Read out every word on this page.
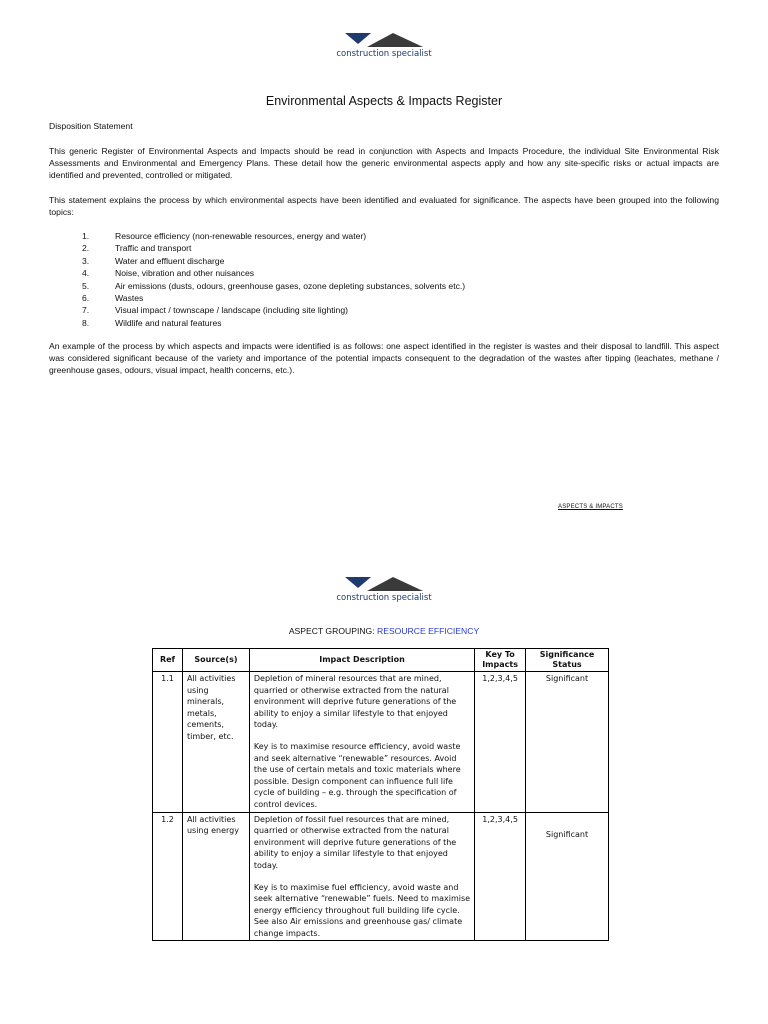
construction specialist
Environmental Aspects & Impacts Register
Disposition Statement
This generic Register of Environmental Aspects and Impacts should be read in conjunction with Aspects and Impacts Procedure, the individual Site Environmental Risk Assessments and Environmental and Emergency Plans. These detail how the generic environmental aspects apply and how any site-specific risks or actual impacts are identified and prevented, controlled or mitigated.
This statement explains the process by which environmental aspects have been identified and evaluated for significance. The aspects have been grouped into the following topics:
1.	Resource efficiency (non-renewable resources, energy and water)
2.	Traffic and transport
3.	Water and effluent discharge
4.	Noise, vibration and other nuisances
5.	Air emissions (dusts, odours, greenhouse gases, ozone depleting substances, solvents etc.)
6.	Wastes
7.	Visual impact / townscape / landscape (including site lighting)
8.	Wildlife and natural features
An example of the process by which aspects and impacts were identified is as follows: one aspect identified in the register is wastes and their disposal to landfill. This aspect was considered significant because of the variety and importance of the potential impacts consequent to the degradation of the wastes after tipping (leachates, methane / greenhouse gases, odours, visual impact, health concerns, etc.).
ASPECTS & IMPACTS
construction specialist
ASPECT GROUPING: RESOURCE EFFICIENCY
Ref	Source(s)	Impact Description	Key To Impacts	Significance Status
1.1	All activities using minerals, metals, cements, timber, etc.	Depletion of mineral resources that are mined, quarried or otherwise extracted from the natural environment will deprive future generations of the ability to enjoy a similar lifestyle to that enjoyed today.
Key is to maximise resource efficiency, avoid waste and seek alternative “renewable” resources. Avoid the use of certain metals and toxic materials where possible. Design component can influence full life cycle of building – e.g. through the specification of
control devices.	1,2,3,4,5	Significant
1.2	All activities using energy	Depletion of fossil fuel resources that are mined, quarried or otherwise extracted from the natural environment will deprive future generations of the ability to enjoy a similar lifestyle to that enjoyed today.
Key is to maximise fuel efficiency, avoid waste and seek alternative “renewable” fuels. Need to maximise energy efficiency throughout full building life cycle. See also Air emissions and greenhouse gas/ climate change impacts.	1,2,3,4,5	Significant
